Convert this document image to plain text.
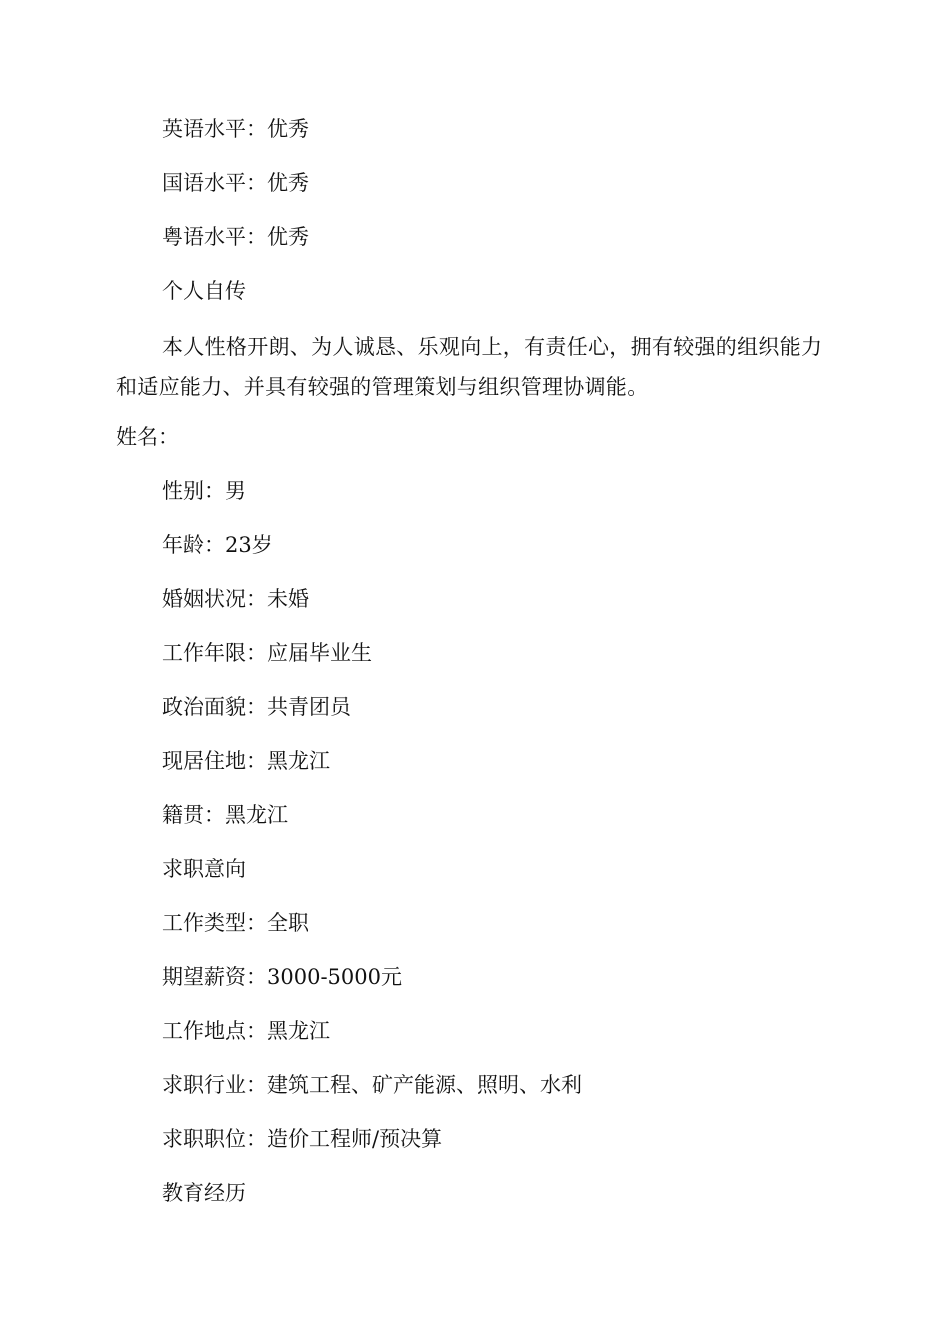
英语水平：优秀
国语水平：优秀
粤语水平：优秀
个人自传
本人性格开朗、为人诚恳、乐观向上，有责任心，拥有较强的组织能力和适应能力、并具有较强的管理策划与组织管理协调能。
姓名：
性别：男
年龄：23岁
婚姻状况：未婚
工作年限：应届毕业生
政治面貌：共青团员
现居住地：黑龙江
籍贯：黑龙江
求职意向
工作类型：全职
期望薪资：3000-5000元
工作地点：黑龙江
求职行业：建筑工程、矿产能源、照明、水利
求职职位：造价工程师/预决算
教育经历
